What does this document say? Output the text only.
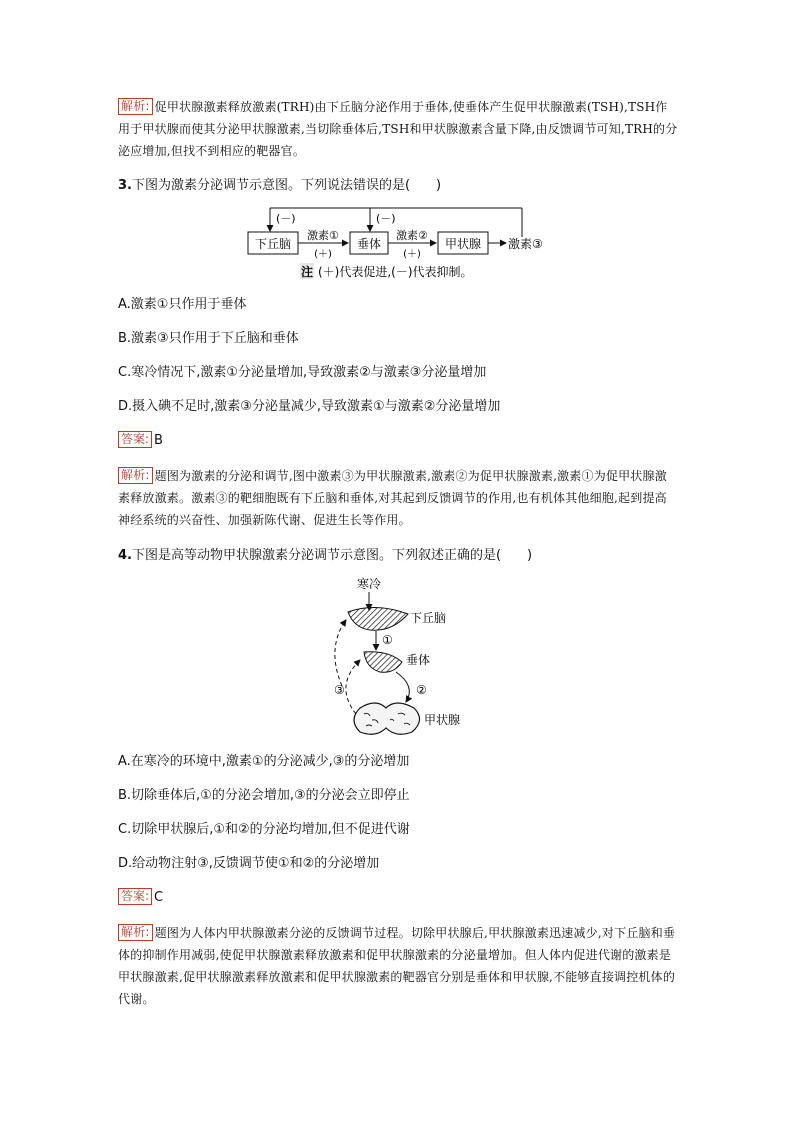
解析: 促甲状腺激素释放激素(TRH)由下丘脑分泌作用于垂体,使垂体产生促甲状腺激素(TSH),TSH作用于甲状腺而使其分泌甲状腺激素,当切除垂体后,TSH和甲状腺激素含量下降,由反馈调节可知,TRH的分泌应增加,但找不到相应的靶器官。

3.下图为激素分泌调节示意图。下列说法错误的是(　　)

(－)	(－)
下丘脑	垂体	甲状腺
激素①
(＋)
激素②
(＋)
激素③
注 (＋)代表促进,(－)代表抑制。

A.激素①只作用于垂体

B.激素③只作用于下丘脑和垂体

C.寒冷情况下,激素①分泌量增加,导致激素②与激素③分泌量增加

D.摄入碘不足时,激素③分泌量减少,导致激素①与激素②分泌量增加

答案: B

解析: 题图为激素的分泌和调节,图中激素③为甲状腺激素,激素②为促甲状腺激素,激素①为促甲状腺激素释放激素。激素③的靶细胞既有下丘脑和垂体,对其起到反馈调节的作用,也有机体其他细胞,起到提高神经系统的兴奋性、加强新陈代谢、促进生长等作用。

4.下图是高等动物甲状腺激素分泌调节示意图。下列叙述正确的是(　　)

寒冷
下丘脑
①
垂体
②
甲状腺
③

A.在寒冷的环境中,激素①的分泌减少,③的分泌增加

B.切除垂体后,①的分泌会增加,③的分泌会立即停止

C.切除甲状腺后,①和②的分泌均增加,但不促进代谢

D.给动物注射③,反馈调节使①和②的分泌增加

答案: C

解析: 题图为人体内甲状腺激素分泌的反馈调节过程。切除甲状腺后,甲状腺激素迅速减少,对下丘脑和垂体的抑制作用减弱,使促甲状腺激素释放激素和促甲状腺激素的分泌量增加。但人体内促进代谢的激素是甲状腺激素,促甲状腺激素释放激素和促甲状腺激素的靶器官分别是垂体和甲状腺,不能够直接调控机体的代谢。
